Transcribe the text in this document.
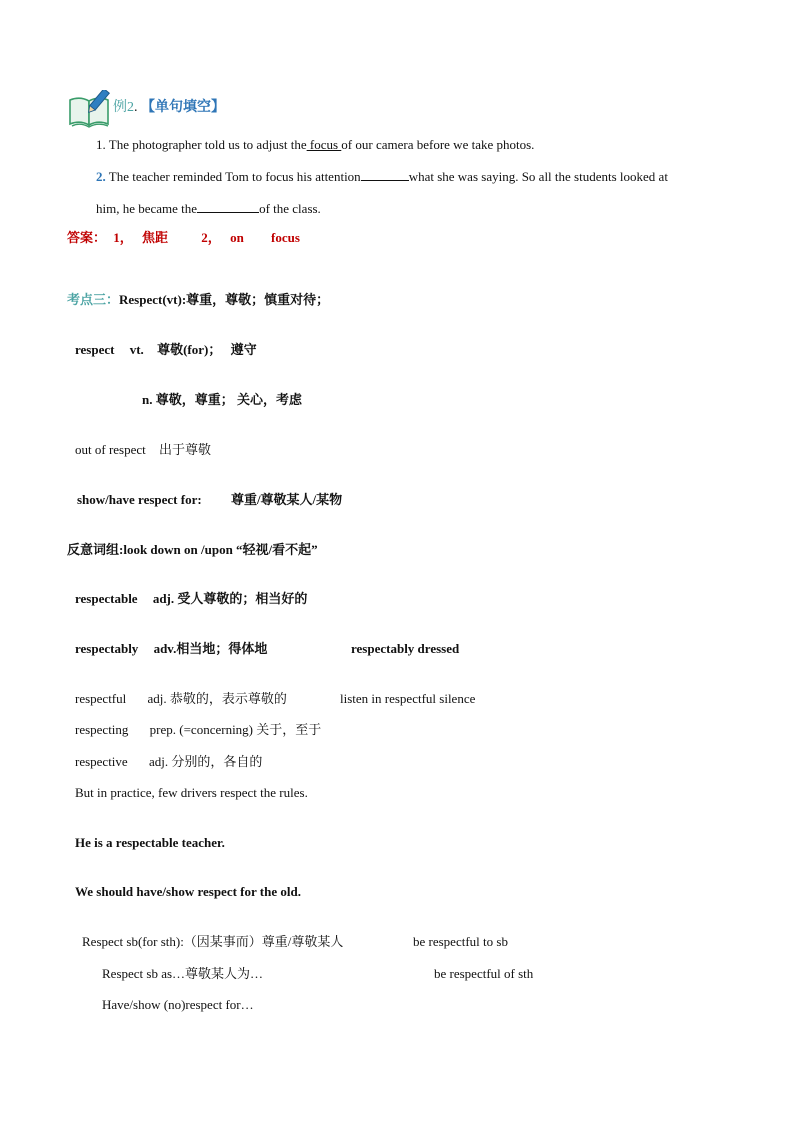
例2. 【单句填空】
1. The photographer told us to adjust the focus of our camera before we take photos.
2. The teacher reminded Tom to focus his attention	what she was saying. So all the students looked at
him, he became the	of the class.
答案： 1， 焦距	2， on focus
考点三：Respect(vt):尊重，尊敬；慎重对待；
respect vt. 尊敬(for)； 遵守
n. 尊敬，尊重； 关心，考虑
out of respect 出于尊敬
show/have respect for: 尊重/尊敬某人/某物
反意词组:look down on /upon “轻视/看不起”
respectable adj. 受人尊敬的；相当好的
respectably adv.相当地；得体地	respectably dressed
respectful adj. 恭敬的，表示尊敬的	listen in respectful silence
respecting prep. (=concerning) 关于，至于
respective adj. 分别的，各自的
But in practice, few drivers respect the rules.
He is a respectable teacher.
We should have/show respect for the old.
Respect sb(for sth):（因某事而）尊重/尊敬某人	be respectful to sb
Respect sb as…尊敬某人为…	be respectful of sth
Have/show (no)respect for…
